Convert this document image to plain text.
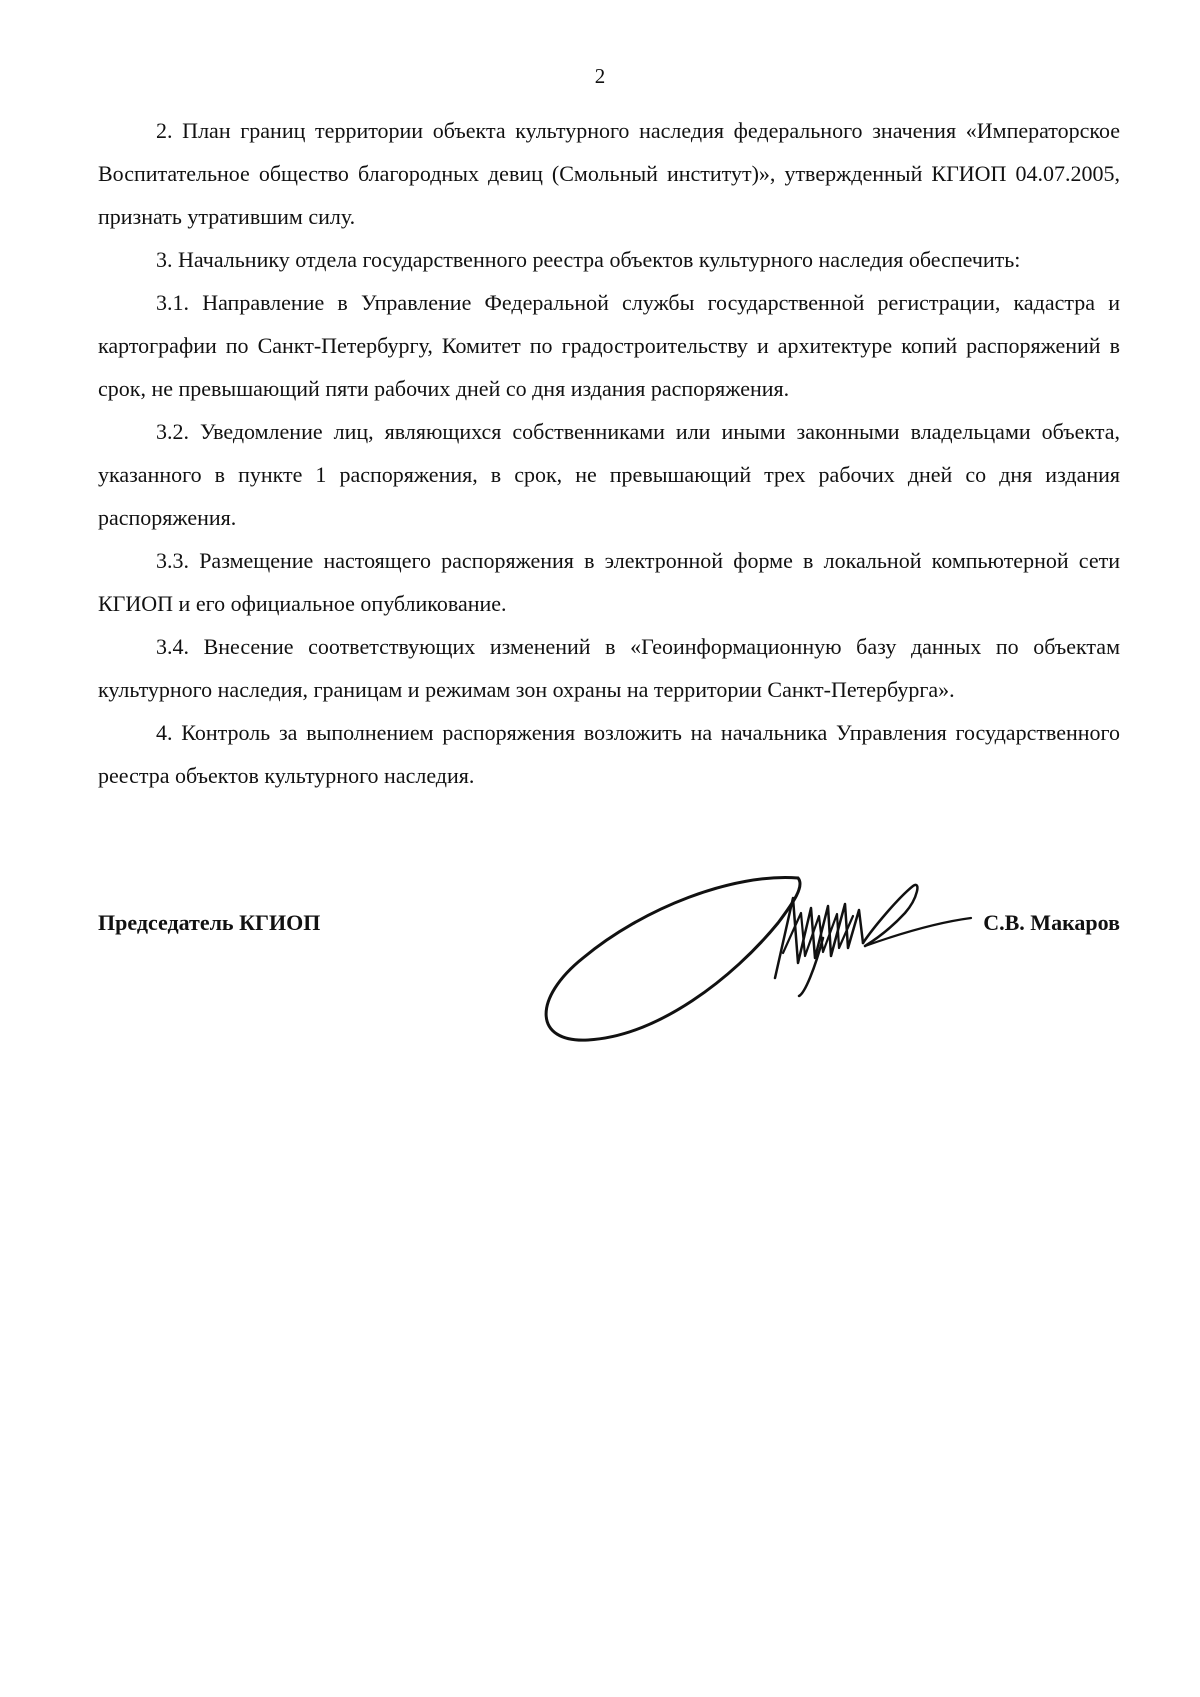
2

2. План границ территории объекта культурного наследия федерального значения «Императорское Воспитательное общество благородных девиц (Смольный институт)», утвержденный КГИОП 04.07.2005, признать утратившим силу.

3. Начальнику отдела государственного реестра объектов культурного наследия обеспечить:

3.1. Направление в Управление Федеральной службы государственной регистрации, кадастра и картографии по Санкт-Петербургу, Комитет по градостроительству и архитектуре копий распоряжений в срок, не превышающий пяти рабочих дней со дня издания распоряжения.

3.2. Уведомление лиц, являющихся собственниками или иными законными владельцами объекта, указанного в пункте 1 распоряжения, в срок, не превышающий трех рабочих дней со дня издания распоряжения.

3.3. Размещение настоящего распоряжения в электронной форме в локальной компьютерной сети КГИОП и его официальное опубликование.

3.4. Внесение соответствующих изменений в «Геоинформационную базу данных по объектам культурного наследия, границам и режимам зон охраны на территории Санкт-Петербурга».

4. Контроль за выполнением распоряжения возложить на начальника Управления государственного реестра объектов культурного наследия.

Председатель КГИОП	С.В. Макаров
